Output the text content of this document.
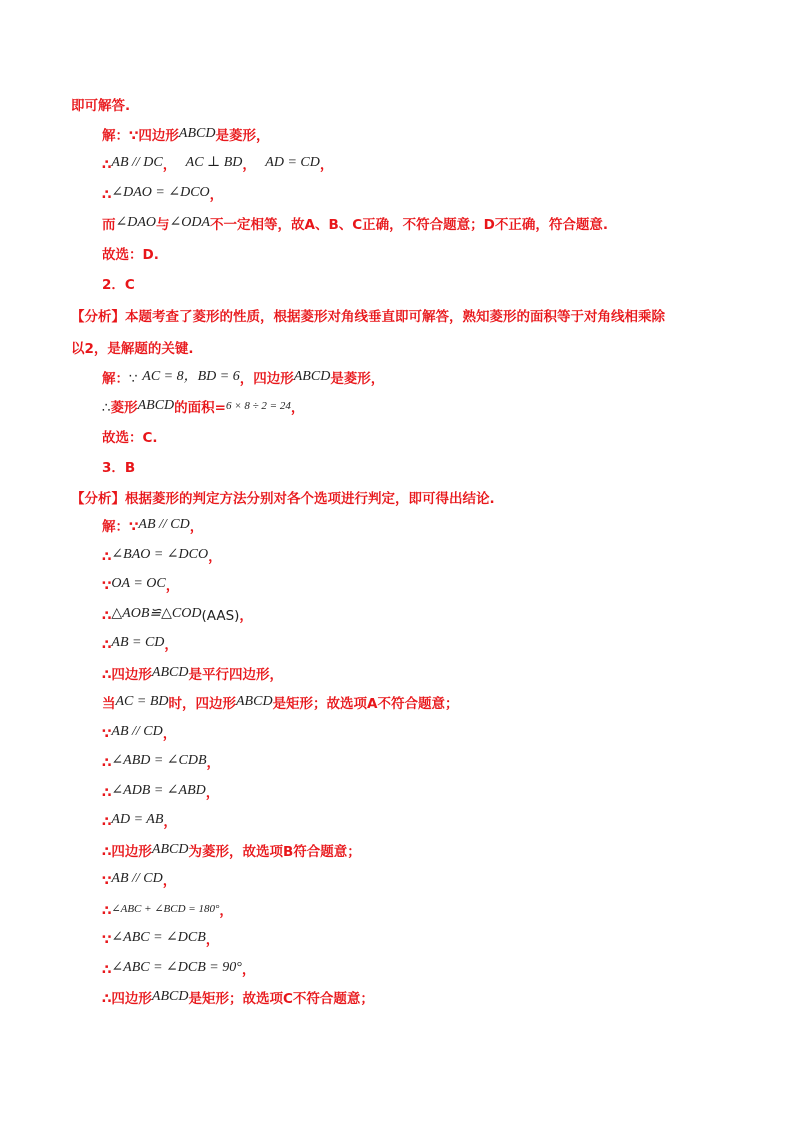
即可解答.
解：∵四边形ABCD是菱形，
∴AB // DC， AC ⊥ BD， AD = CD，
∴∠DAO = ∠DCO，
而∠DAO与∠ODA不一定相等，故A、B、C正确，不符合题意；D不正确，符合题意.
故选：D.
2．C
【分析】本题考查了菱形的性质，根据菱形对角线垂直即可解答，熟知菱形的面积等于对角线相乘除
以2，是解题的关键.
解：∵ AC = 8，BD = 6，四边形ABCD是菱形，
∴菱形ABCD的面积=$^{6 \times 8 \div 2 = 24}$，
故选：C.
3．B
【分析】根据菱形的判定方法分别对各个选项进行判定，即可得出结论.
解：∵AB // CD，
∴∠BAO = ∠DCO，
∵OA = OC，
∴△AOB≌△COD(AAS)，
∴AB = CD，
∴四边形ABCD是平行四边形，
当AC = BD时，四边形ABCD是矩形；故选项A不符合题意；
∵AB // CD，
∴∠ABD = ∠CDB，
∴∠ADB = ∠ABD，
∴AD = AB，
∴四边形ABCD为菱形，故选项B符合题意；
∵AB // CD，
∴$^{\angle ABC + \angle BCD = 180^\circ}$，
∵∠ABC = ∠DCB，
∴∠ABC = ∠DCB = 90°，
∴四边形ABCD是矩形；故选项C不符合题意；
